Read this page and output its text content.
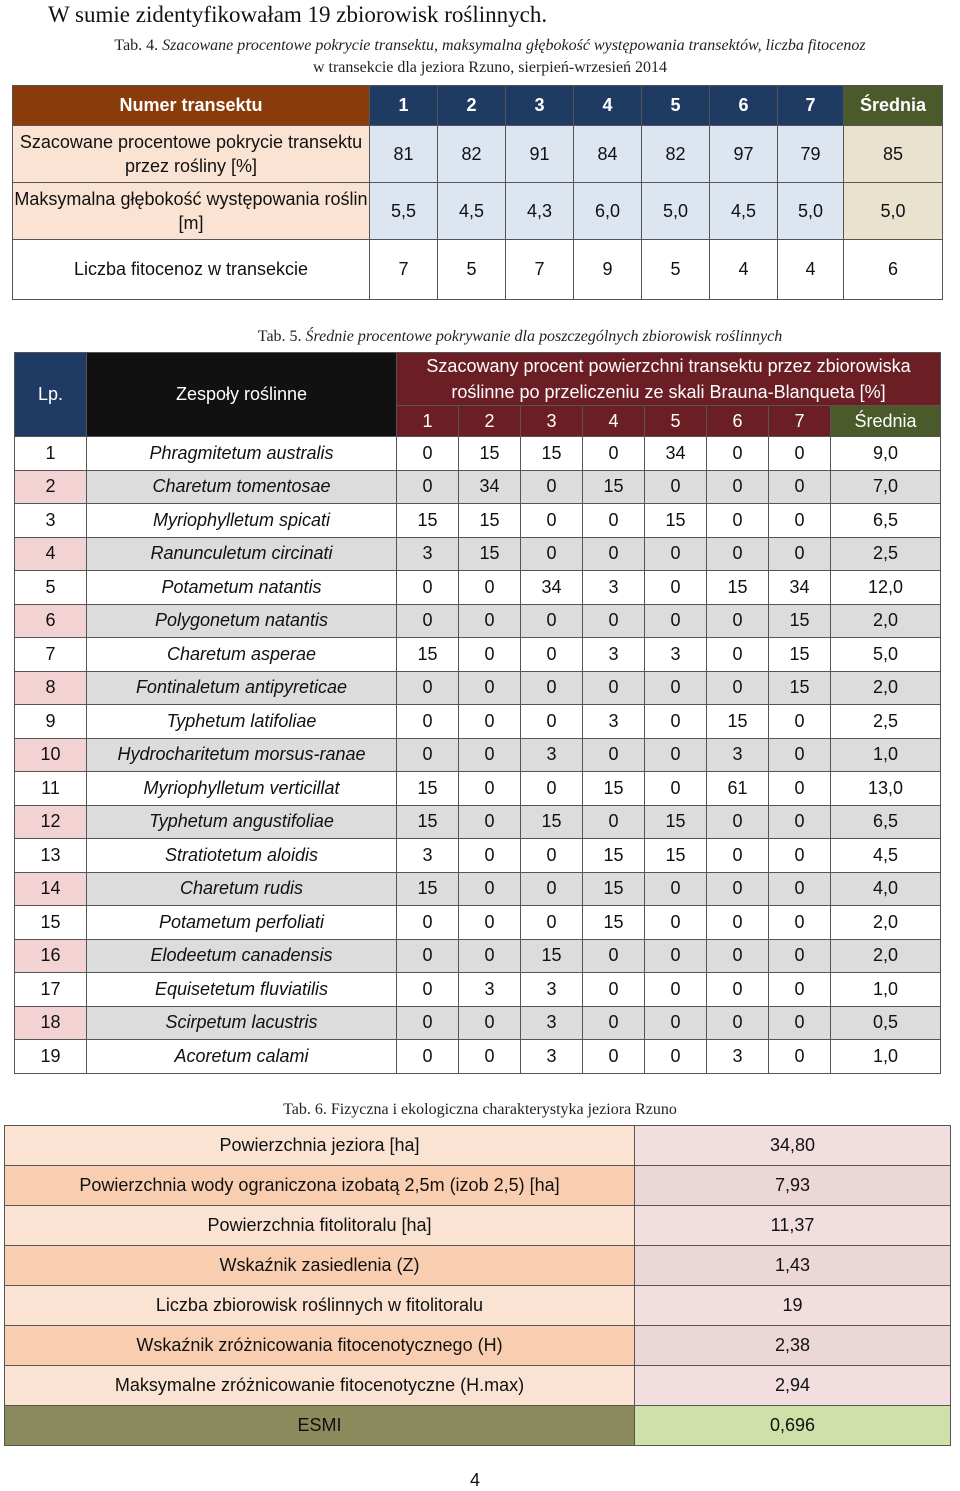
W sumie zidentyfikowałam 19 zbiorowisk roślinnych.
Tab. 4. Szacowane procentowe pokrycie transektu, maksymalna głębokość występowania transektów, liczba fitocenoz
w transekcie dla jeziora Rzuno, sierpień-wrzesień 2014
Numer transektu	1	2	3	4	5	6	7	Średnia
Szacowane procentowe pokrycie transektu przez rośliny [%]	81	82	91	84	82	97	79	85
Maksymalna głębokość występowania roślin [m]	5,5	4,5	4,3	6,0	5,0	4,5	5,0	5,0
Liczba fitocenoz w transekcie	7	5	7	9	5	4	4	6
Tab. 5. Średnie procentowe pokrywanie dla poszczególnych zbiorowisk roślinnych
Lp.	Zespoły roślinne	Szacowany procent powierzchni transektu przez zbiorowiska roślinne po przeliczeniu ze skali Brauna-Blanqueta [%]							
		1	2	3	4	5	6	7	Średnia
1	Phragmitetum australis	0	15	15	0	34	0	0	9,0
2	Charetum tomentosae	0	34	0	15	0	0	0	7,0
3	Myriophylletum spicati	15	15	0	0	15	0	0	6,5
4	Ranunculetum circinati	3	15	0	0	0	0	0	2,5
5	Potametum natantis	0	0	34	3	0	15	34	12,0
6	Polygonetum natantis	0	0	0	0	0	0	15	2,0
7	Charetum asperae	15	0	0	3	3	0	15	5,0
8	Fontinaletum antipyreticae	0	0	0	0	0	0	15	2,0
9	Typhetum latifoliae	0	0	0	3	0	15	0	2,5
10	Hydrocharitetum morsus-ranae	0	0	3	0	0	3	0	1,0
11	Myriophylletum verticillat	15	0	0	15	0	61	0	13,0
12	Typhetum angustifoliae	15	0	15	0	15	0	0	6,5
13	Stratiotetum aloidis	3	0	0	15	15	0	0	4,5
14	Charetum rudis	15	0	0	15	0	0	0	4,0
15	Potametum perfoliati	0	0	0	15	0	0	0	2,0
16	Elodeetum canadensis	0	0	15	0	0	0	0	2,0
17	Equisetetum fluviatilis	0	3	3	0	0	0	0	1,0
18	Scirpetum lacustris	0	0	3	0	0	0	0	0,5
19	Acoretum calami	0	0	3	0	0	3	0	1,0
Tab. 6. Fizyczna i ekologiczna charakterystyka jeziora Rzuno
Powierzchnia jeziora [ha]	34,80
Powierzchnia wody ograniczona izobatą 2,5m (izob 2,5) [ha]	7,93
Powierzchnia fitolitoralu [ha]	11,37
Wskaźnik zasiedlenia (Z)	1,43
Liczba zbiorowisk roślinnych w fitolitoralu	19
Wskaźnik zróżnicowania fitocenotycznego (H)	2,38
Maksymalne zróżnicowanie fitocenotyczne (H.max)	2,94
ESMI	0,696
4
